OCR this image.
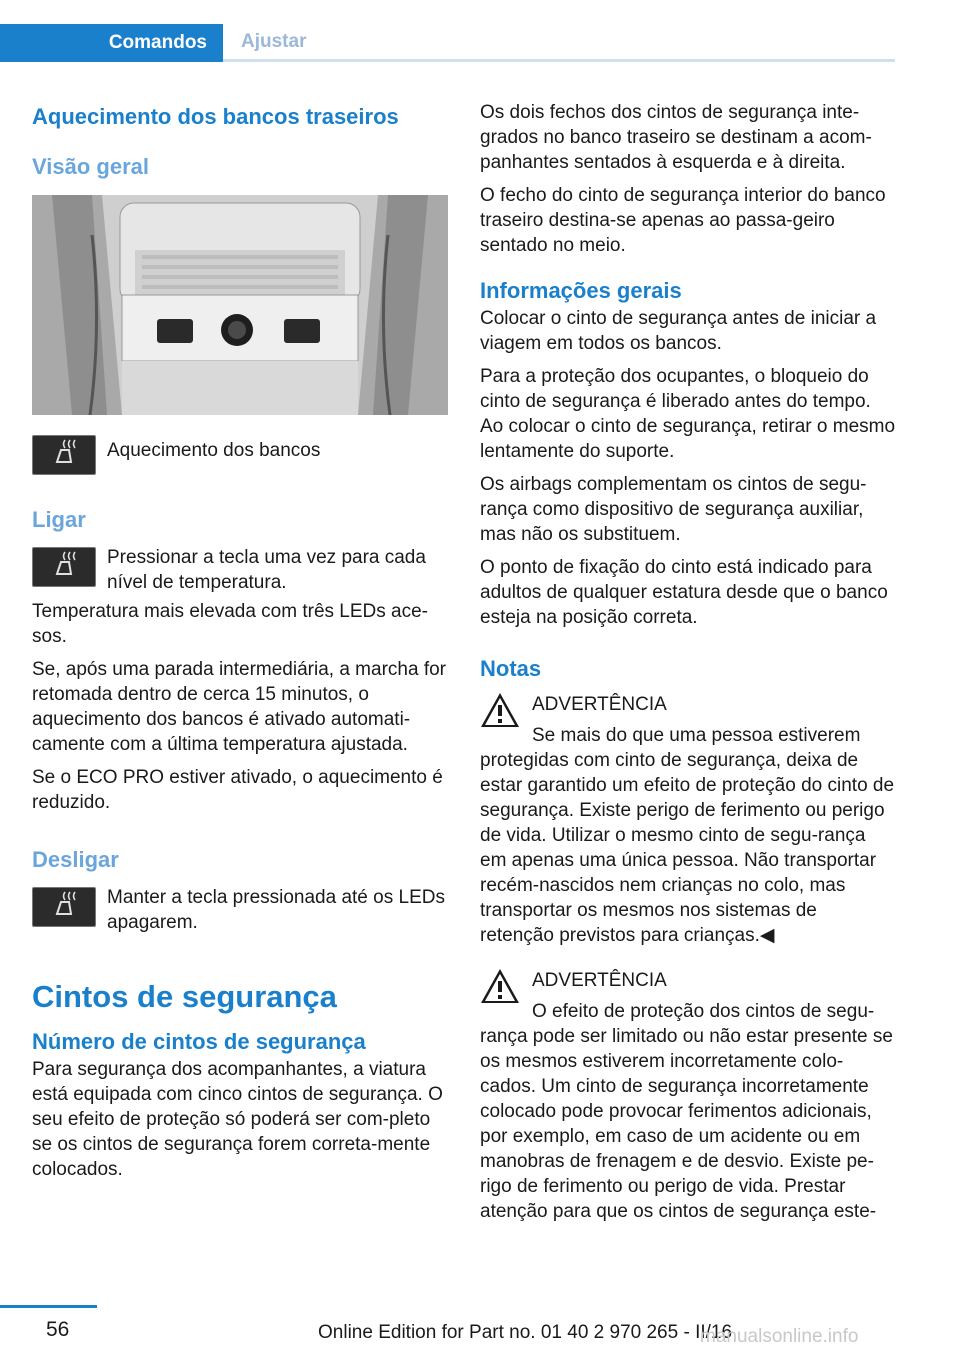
Comandos	Ajustar
Aquecimento dos bancos traseiros
Visão geral

Aquecimento dos bancos

Ligar

Pressionar a tecla uma vez para cada nível de temperatura.

Temperatura mais elevada com três LEDs ace-sos.

Se, após uma parada intermediária, a marcha for retomada dentro de cerca 15 minutos, o aquecimento dos bancos é ativado automati-camente com a última temperatura ajustada.

Se o ECO PRO estiver ativado, o aquecimento é reduzido.

Desligar

Manter a tecla pressionada até os LEDs apagarem.

Cintos de segurança
Número de cintos de segurança

Para segurança dos acompanhantes, a viatura está equipada com cinco cintos de segurança. O seu efeito de proteção só poderá ser com-pleto se os cintos de segurança forem correta-mente colocados.

Os dois fechos dos cintos de segurança inte-grados no banco traseiro se destinam a acom-panhantes sentados à esquerda e à direita.

O fecho do cinto de segurança interior do banco traseiro destina-se apenas ao passa-geiro sentado no meio.

Informações gerais

Colocar o cinto de segurança antes de iniciar a viagem em todos os bancos.

Para a proteção dos ocupantes, o bloqueio do cinto de segurança é liberado antes do tempo. Ao colocar o cinto de segurança, retirar o mesmo lentamente do suporte.

Os airbags complementam os cintos de segu-rança como dispositivo de segurança auxiliar, mas não os substituem.

O ponto de fixação do cinto está indicado para adultos de qualquer estatura desde que o banco esteja na posição correta.

Notas

ADVERTÊNCIA

Se mais do que uma pessoa estiverem

protegidas com cinto de segurança, deixa de estar garantido um efeito de proteção do cinto de segurança. Existe perigo de ferimento ou perigo de vida. Utilizar o mesmo cinto de segu-rança em apenas uma única pessoa. Não transportar recém-nascidos nem crianças no colo, mas transportar os mesmos nos sistemas de retenção previstos para crianças.◀

ADVERTÊNCIA

O efeito de proteção dos cintos de segu-

rança pode ser limitado ou não estar presente se os mesmos estiverem incorretamente colo-cados. Um cinto de segurança incorretamente colocado pode provocar ferimentos adicionais, por exemplo, em caso de um acidente ou em manobras de frenagem e de desvio. Existe pe-rigo de ferimento ou perigo de vida. Prestar atenção para que os cintos de segurança este-

56	Online Edition for Part no. 01 40 2 970 265 - II/16
manualsonline.info
